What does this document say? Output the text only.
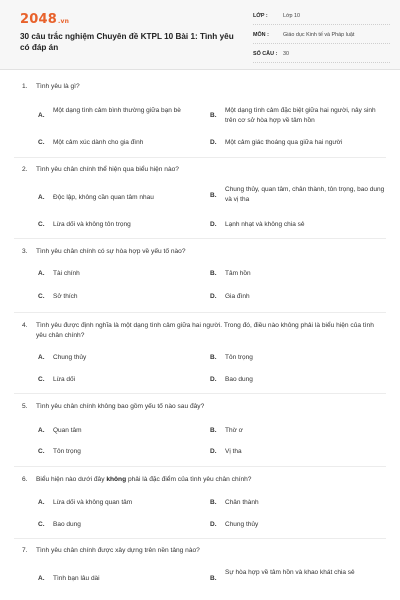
2048.vn
30 câu trắc nghiệm Chuyên đề KTPL 10 Bài 1: Tình yêu có đáp án
LỚP :	Lớp 10
MÔN :	Giáo dục Kinh tế và Pháp luật
SỐ CÂU : 30
1. Tình yêu là gì?
A.
Một dạng tình cảm bình thường giữa bạn bè
B.
Một dạng tình cảm đặc biệt giữa hai người, nảy sinh trên cơ sở hòa hợp về tâm hồn
C. Một cảm xúc dành cho gia đình	D. Một cảm giác thoáng qua giữa hai người
2. Tình yêu chân chính thể hiện qua biểu hiện nào?
A. Độc lập, không cần quan tâm nhau	B.
Chung thủy, quan tâm, chân thành, tôn trọng, bao dung và vị tha
C. Lừa dối và không tôn trọng	D. Lạnh nhạt và không chia sẻ
3. Tình yêu chân chính có sự hòa hợp về yếu tố nào?
A. Tài chính	B. Tâm hồn
C. Sở thích	D. Gia đình
4. Tình yêu được định nghĩa là một dạng tình cảm giữa hai người. Trong đó, điều nào không phải là biểu hiện của tình yêu chân chính?
A. Chung thủy	B. Tôn trọng
C. Lừa dối	D. Bao dung
5. Tình yêu chân chính không bao gồm yếu tố nào sau đây?
A. Quan tâm	B. Thờ ơ
C. Tôn trọng	D. Vị tha
6. Biểu hiện nào dưới đây không phải là đặc điểm của tình yêu chân chính?
A. Lừa dối và không quan tâm	B. Chân thành
C. Bao dung	D. Chung thủy
7. Tình yêu chân chính được xây dựng trên nền tảng nào?
A. Tình bạn lâu dài	B.
Sự hòa hợp về tâm hồn và khao khát chia sẻ
